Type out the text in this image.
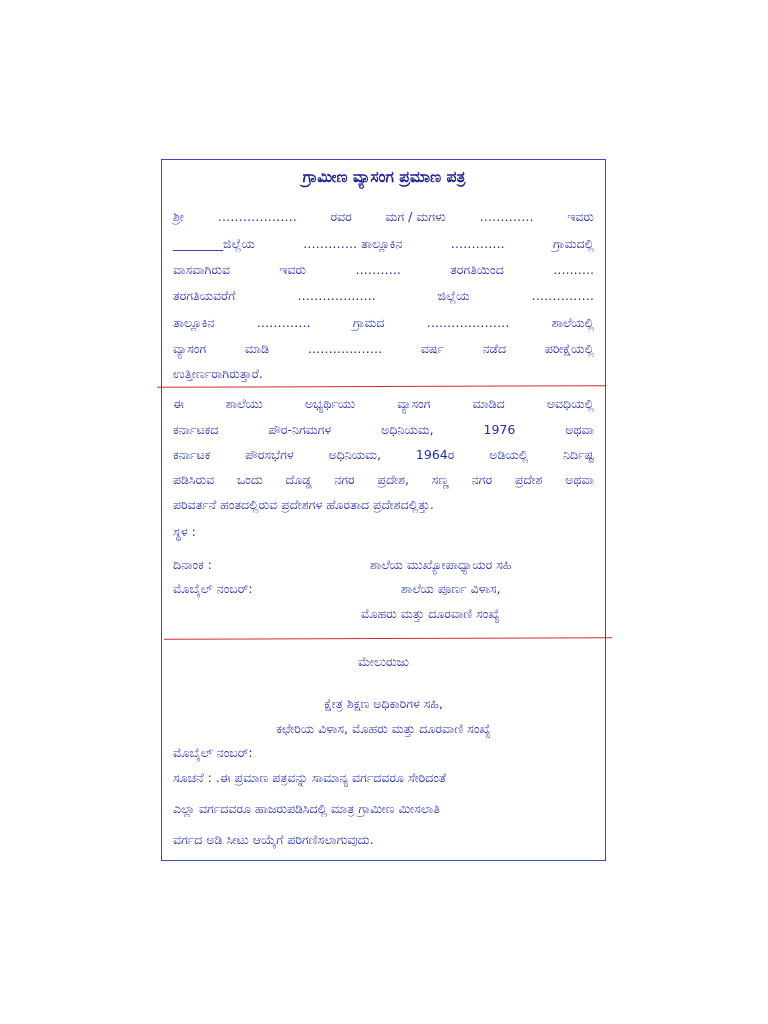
ಗ್ರಾಮೀಣ ವ್ಯಾಸಂಗ ಪ್ರಮಾಣ ಪತ್ರ
ಶ್ರೀ	……………….	ರವರ	ಮಗ / ಮಗಳು	………….	ಇವರು
________ಜಿಲ್ಲೆಯ	…………. ತಾಲ್ಲೂಕಿನ	………….	ಗ್ರಾಮದಲ್ಲಿ
ವಾಸವಾಗಿರುವ	ಇವರು	………..	ತರಗತಿಯಿಂದ	…..…..
ತರಗತಿಯವರೆಗೆ	…………..…..	ಜಿಲ್ಲೆಯ	……………
ತಾಲ್ಲೂಕಿನ	………….	ಗ್ರಾಮದ	…..……………	ಶಾಲೆಯಲ್ಲಿ
ವ್ಯಾಸಂಗ	ಮಾಡಿ	………..…….	ವರ್ಷ	ನಡೆದ	ಪರೀಕ್ಷೆಯಲ್ಲಿ
ಉತ್ತೀರ್ಣರಾಗಿರುತ್ತಾರೆ.
ಈ	ಶಾಲೆಯು	ಅಭ್ಯರ್ಥಿಯು	ವ್ಯಾಸಂಗ	ಮಾಡಿದ	ಅವಧಿಯಲ್ಲಿ
ಕರ್ನಾಟಕದ	ಪೌರ-ನಿಗಮಗಳ	ಅಧಿನಿಯಮ,	1976	ಅಥವಾ
ಕರ್ನಾಟಕ	ಪೌರಸಭೆಗಳ	ಅಧಿನಿಯಮ,	1964ರ	ಅಡಿಯಲ್ಲಿ	ನಿರ್ದಿಷ್ಟ
ಪಡಿಸಿರುವ ಒಂದು ದೊಡ್ಡ ನಗರ ಪ್ರದೇಶ, ಸಣ್ಣ ನಗರ ಪ್ರದೇಶ ಅಥವಾ
ಪರಿವರ್ತನೆ ಹಂತದಲ್ಲಿರುವ ಪ್ರದೇಶಗಳ ಹೊರತಾದ ಪ್ರದೇಶದಲ್ಲಿತ್ತು.
ಸ್ಥಳ :
ದಿನಾಂಕ :	ಶಾಲೆಯ ಮುಖ್ಯೋಪಾಧ್ಯಾಯರ ಸಹಿ
ಮೊಬೈಲ್ ನಂಬರ್:	ಶಾಲೆಯ ಪೂರ್ಣ ವಿಳಾಸ,
ಮೊಹರು ಮತ್ತು ದೂರವಾಣಿ ಸಂಖ್ಯೆ
ಮೇಲುರುಜು
ಕ್ಷೇತ್ರ ಶಿಕ್ಷಣ ಅಧಿಕಾರಿಗಳ ಸಹಿ,
ಕಛೇರಿಯ ವಿಳಾಸ, ಮೊಹರು ಮತ್ತು ದೂರವಾಣಿ ಸಂಖ್ಯೆ
ಮೊಬೈಲ್ ನಂಬರ್:
ಸೂಚನೆ : .ಈ ಪ್ರಮಾಣ ಪತ್ರವನ್ನು ಸಾಮಾನ್ಯ ವರ್ಗದವರೂ ಸೇರಿದಂತೆ
ಎಲ್ಲಾ ವರ್ಗದವರೂ ಹಾಜರುಪಡಿಸಿದಲ್ಲಿ ಮಾತ್ರ ಗ್ರಾಮೀಣ ಮೀಸಲಾತಿ
ವರ್ಗದ ಅಡಿ ಸೀಟು ಆಯ್ಕೆಗೆ ಪರಿಗಣಿಸಲಾಗುವುದು.
